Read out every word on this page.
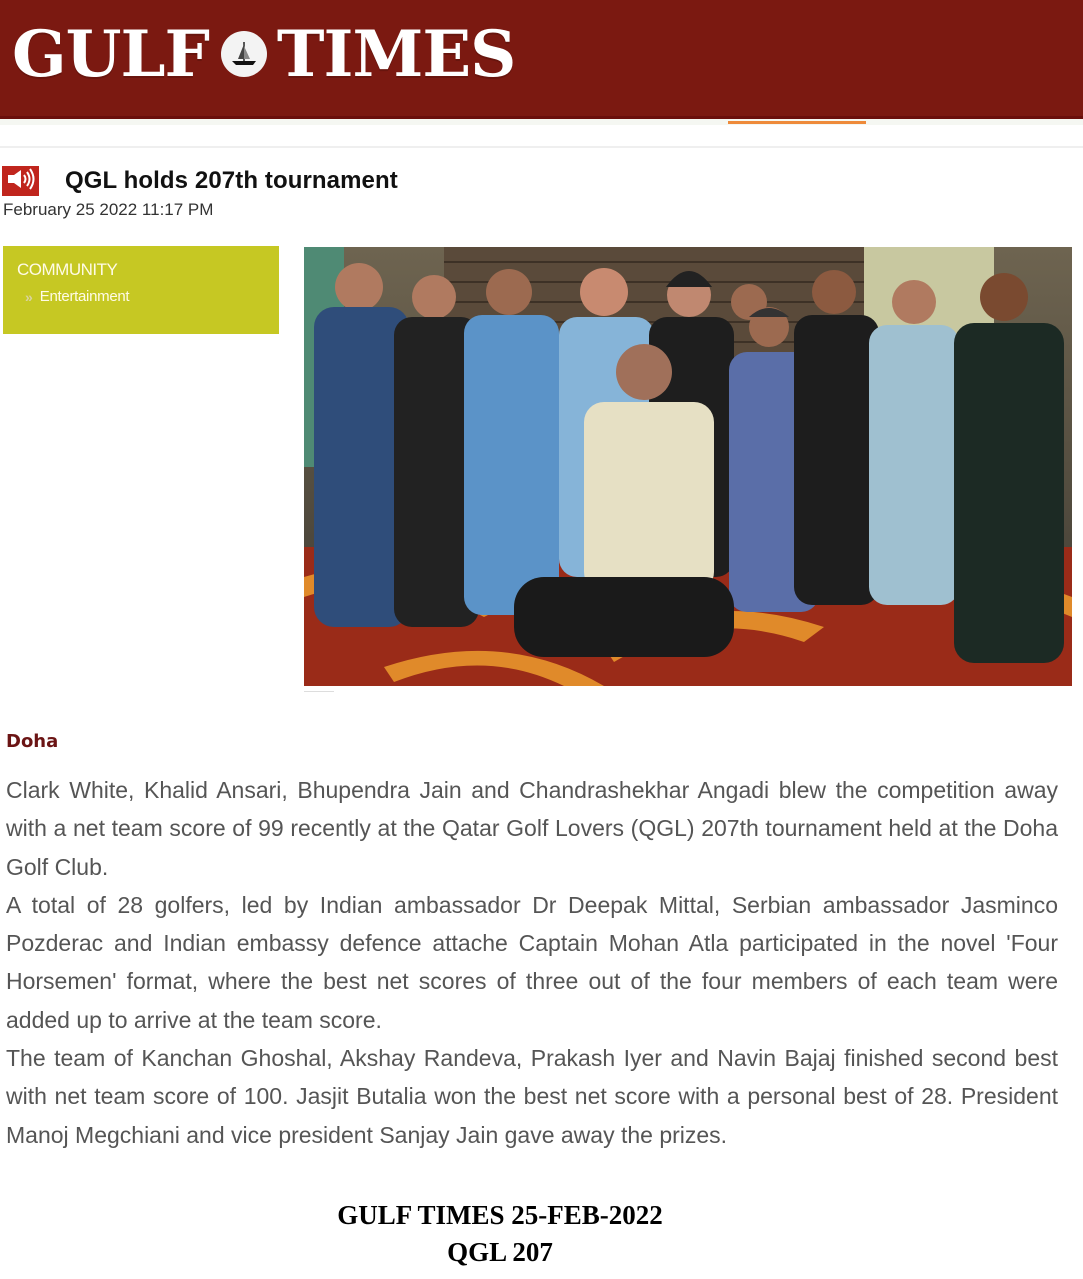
GULF TIMES
QGL holds 207th tournament
February 25 2022 11:17 PM
COMMUNITY
» Entertainment
Doha

Clark White, Khalid Ansari, Bhupendra Jain and Chandrashekhar Angadi blew the competition away with a net team score of 99 recently at the Qatar Golf Lovers (QGL) 207th tournament held at the Doha Golf Club.

A total of 28 golfers, led by Indian ambassador Dr Deepak Mittal, Serbian ambassador Jasminco Pozderac and Indian embassy defence attache Captain Mohan Atla participated in the novel 'Four Horsemen' format, where the best net scores of three out of the four members of each team were added up to arrive at the team score.

The team of Kanchan Ghoshal, Akshay Randeva, Prakash Iyer and Navin Bajaj finished second best with net team score of 100. Jasjit Butalia won the best net score with a personal best of 28. President Manoj Megchiani and vice president Sanjay Jain gave away the prizes.

GULF TIMES 25-FEB-2022
QGL 207
